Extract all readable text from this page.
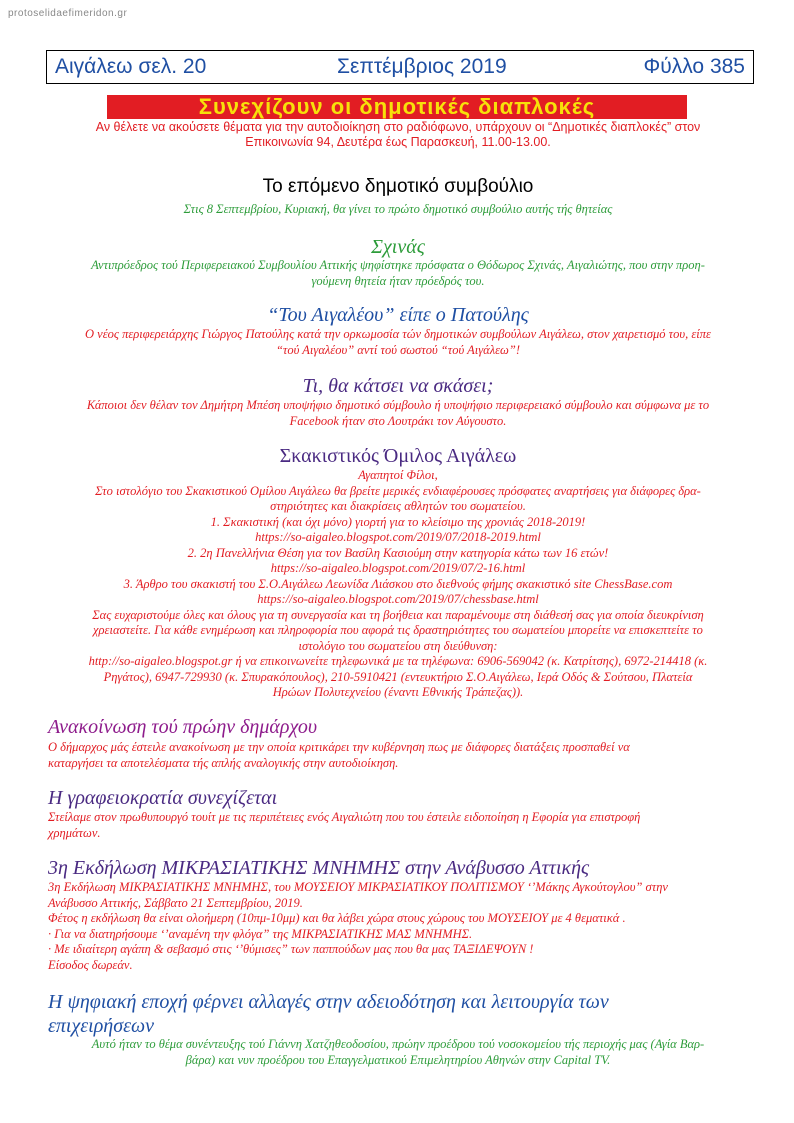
protoselidaefimeridon.gr
Αιγάλεω σελ. 20	Σεπτέμβριος 2019	Φύλλο 385
Συνεχίζουν οι δημοτικές διαπλοκές
Αν θέλετε να ακούσετε θέματα για την αυτοδιοίκηση στο ραδιόφωνο, υπάρχουν οι “Δημοτικές διαπλοκές” στον
Επικοινωνία 94, Δευτέρα έως Παρασκευή, 11.00-13.00.
Το επόμενο δημοτικό συμβούλιο
Στις 8 Σεπτεμβρίου, Κυριακή, θα γίνει το πρώτο δημοτικό συμβούλιο αυτής τής θητείας
Σχινάς
Αντιπρόεδρος τού Περιφερειακού Συμβουλίου Αττικής ψηφίστηκε πρόσφατα ο Θόδωρος Σχινάς, Αιγαλιώτης, που στην προη-
γούμενη θητεία ήταν πρόεδρός του.
“Του Αιγαλέου” είπε ο Πατούλης
Ο νέος περιφερειάρχης Γιώργος Πατούλης κατά την ορκωμοσία τών δημοτικών συμβούλων Αιγάλεω, στον χαιρετισμό του, είπε
“τού Αιγαλέου” αντί τού σωστού “τού Αιγάλεω”!
Τι, θα κάτσει να σκάσει;
Κάποιοι δεν θέλαν τον Δημήτρη Μπέση υποψήφιο δημοτικό σύμβουλο ή υποψήφιο περιφερειακό σύμβουλο και σύμφωνα με το
Facebook ήταν στο Λουτράκι τον Αύγουστο.
Σκακιστικός Όμιλος Αιγάλεω
Αγαπητοί Φίλοι,
Στο ιστολόγιο του Σκακιστικού Ομίλου Αιγάλεω θα βρείτε μερικές ενδιαφέρουσες πρόσφατες αναρτήσεις για διάφορες δρα-
στηριότητες και διακρίσεις αθλητών του σωματείου.
1. Σκακιστική (και όχι μόνο) γιορτή για το κλείσιμο της χρονιάς 2018-2019!
https://so-aigaleo.blogspot.com/2019/07/2018-2019.html
2. 2η Πανελλήνια Θέση για τον Βασίλη Κασιούμη στην κατηγορία κάτω των 16 ετών!
https://so-aigaleo.blogspot.com/2019/07/2-16.html
3. Άρθρο του σκακιστή του Σ.Ο.Αιγάλεω Λεωνίδα Λιάσκου στο διεθνούς φήμης σκακιστικό site ChessBase.com
https://so-aigaleo.blogspot.com/2019/07/chessbase.html
Σας ευχαριστούμε όλες και όλους για τη συνεργασία και τη βοήθεια και παραμένουμε στη διάθεσή σας για οποία διευκρίνιση
χρειαστείτε. Για κάθε ενημέρωση και πληροφορία που αφορά τις δραστηριότητες του σωματείου μπορείτε να επισκεπτείτε το
ιστολόγιο του σωματείου στη διεύθυνση:
http://so-aigaleo.blogspot.gr ή να επικοινωνείτε τηλεφωνικά με τα τηλέφωνα: 6906-569042 (κ. Κατρίτσης), 6972-214418 (κ.
Ρηγάτος), 6947-729930 (κ. Σπυρακόπουλος), 210-5910421 (εντευκτήριο Σ.Ο.Αιγάλεω, Ιερά Οδός & Σούτσου, Πλατεία
Ηρώων Πολυτεχνείου (έναντι Εθνικής Τράπεζας)).
Ανακοίνωση τού πρώην δημάρχου
Ο δήμαρχος μάς έστειλε ανακοίνωση με την οποία κριτικάρει την κυβέρνηση πως με διάφορες διατάξεις προσπαθεί να
καταργήσει τα αποτελέσματα τής απλής αναλογικής στην αυτοδιοίκηση.
Η γραφειοκρατία συνεχίζεται
Στείλαμε στον πρωθυπουργό τουίτ με τις περιπέτειες ενός Αιγαλιώτη που του έστειλε ειδοποίηση η Εφορία για επιστροφή
χρημάτων.
3η Εκδήλωση ΜΙΚΡΑΣΙΑΤΙΚΗΣ ΜΝΗΜΗΣ στην Ανάβυσσο Αττικής
3η Εκδήλωση ΜΙΚΡΑΣΙΑΤΙΚΗΣ ΜΝΗΜΗΣ, του ΜΟΥΣΕΙΟΥ ΜΙΚΡΑΣΙΑΤΙΚΟΥ ΠΟΛΙΤΙΣΜΟΥ ‘’Μάκης Αγκούτογλου” στην
Ανάβυσσο Αττικής, Σάββατο 21 Σεπτεμβρίου, 2019.
Φέτος η εκδήλωση θα είναι ολοήμερη (10πμ-10μμ) και θα λάβει χώρα στους χώρους του ΜΟΥΣΕΙΟΥ με 4 θεματικά .
· Για να διατηρήσουμε ‘’αναμένη την φλόγα” της ΜΙΚΡΑΣΙΑΤΙΚΗΣ ΜΑΣ ΜΝΗΜΗΣ.
· Με ιδιαίτερη αγάπη & σεβασμό στις ‘’θύμισες” των παππούδων μας που θα μας ΤΑΞΙΔΕΨΟΥΝ !
Είσοδος δωρεάν.
Η ψηφιακή εποχή φέρνει αλλαγές στην αδειοδότηση και λειτουργία των
επιχειρήσεων
Αυτό ήταν το θέμα συνέντευξης τού Γιάννη Χατζηθεοδοσίου, πρώην προέδρου τού νοσοκομείου τής περιοχής μας (Αγία Βαρ-
βάρα) και νυν προέδρου του Επαγγελματικού Επιμελητηρίου Αθηνών στην Capital TV.
